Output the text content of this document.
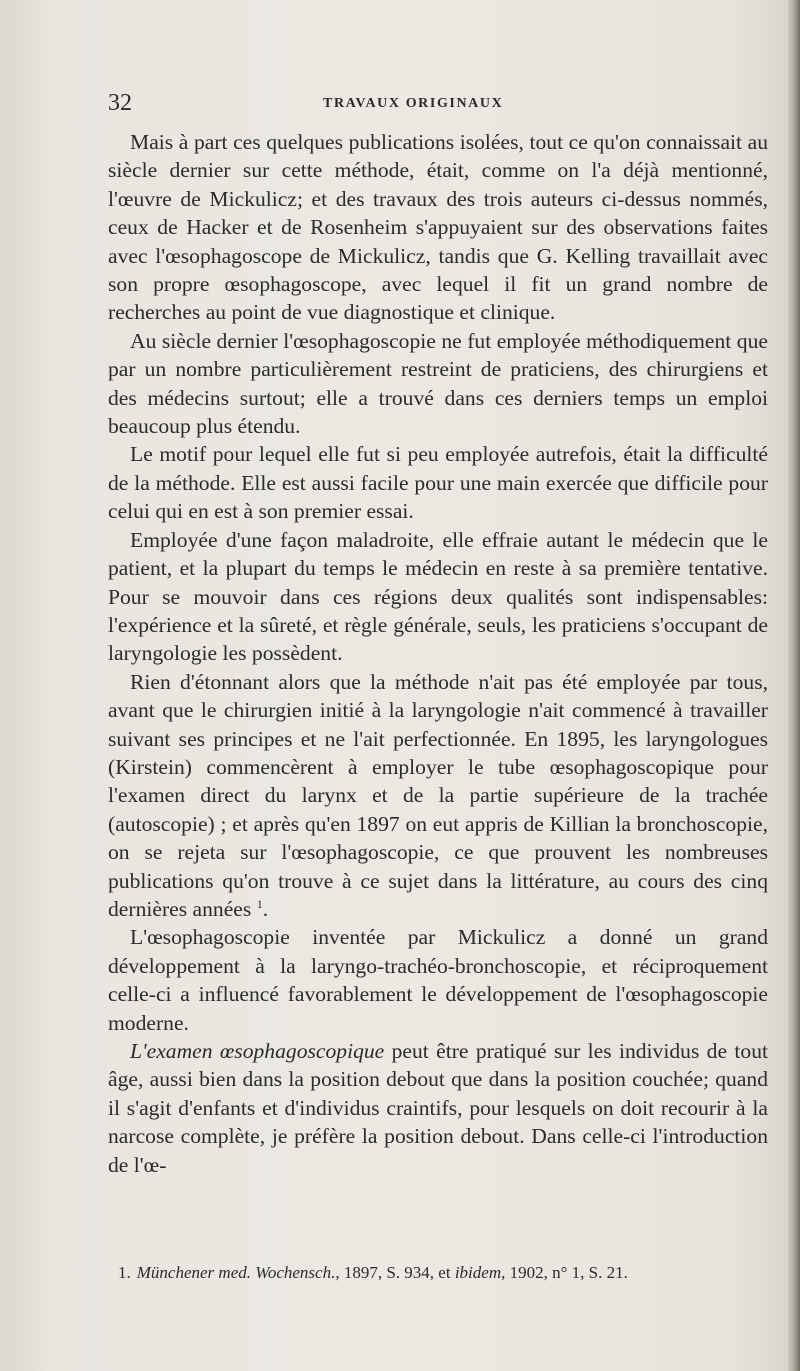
32	TRAVAUX ORIGINAUX

Mais à part ces quelques publications isolées, tout ce qu'on connaissait au siècle dernier sur cette méthode, était, comme on l'a déjà mentionné, l'œuvre de Mickulicz; et des travaux des trois auteurs ci-dessus nommés, ceux de Hacker et de Rosenheim s'appuyaient sur des observations faites avec l'œsophagoscope de Mickulicz, tandis que G. Kelling travaillait avec son propre œsophagoscope, avec lequel il fit un grand nombre de recherches au point de vue diagnostique et clinique.

Au siècle dernier l'œsophagoscopie ne fut employée méthodiquement que par un nombre particulièrement restreint de praticiens, des chirurgiens et des médecins surtout; elle a trouvé dans ces derniers temps un emploi beaucoup plus étendu.

Le motif pour lequel elle fut si peu employée autrefois, était la difficulté de la méthode. Elle est aussi facile pour une main exercée que difficile pour celui qui en est à son premier essai.

Employée d'une façon maladroite, elle effraie autant le médecin que le patient, et la plupart du temps le médecin en reste à sa première tentative. Pour se mouvoir dans ces régions deux qualités sont indispensables: l'expérience et la sûreté, et règle générale, seuls, les praticiens s'occupant de laryngologie les possèdent.

Rien d'étonnant alors que la méthode n'ait pas été employée par tous, avant que le chirurgien initié à la laryngologie n'ait commencé à travailler suivant ses principes et ne l'ait perfectionnée. En 1895, les laryngologues (Kirstein) commencèrent à employer le tube œsophagoscopique pour l'examen direct du larynx et de la partie supérieure de la trachée (autoscopie) ; et après qu'en 1897 on eut appris de Killian la bronchoscopie, on se rejeta sur l'œsophagoscopie, ce que prouvent les nombreuses publications qu'on trouve à ce sujet dans la littérature, au cours des cinq dernières années $^1$.

L'œsophagoscopie inventée par Mickulicz a donné un grand développement à la laryngo-trachéo-bronchoscopie, et réciproquement celle-ci a influencé favorablement le développement de l'œsophagoscopie moderne.

L'examen œsophagoscopique peut être pratiqué sur les individus de tout âge, aussi bien dans la position debout que dans la position couchée; quand il s'agit d'enfants et d'individus craintifs, pour lesquels on doit recourir à la narcose complète, je préfère la position debout. Dans celle-ci l'introduction de l'œ-

1. Münchener med. Wochensch., 1897, S. 934, et ibidem, 1902, n° 1, S. 21.
